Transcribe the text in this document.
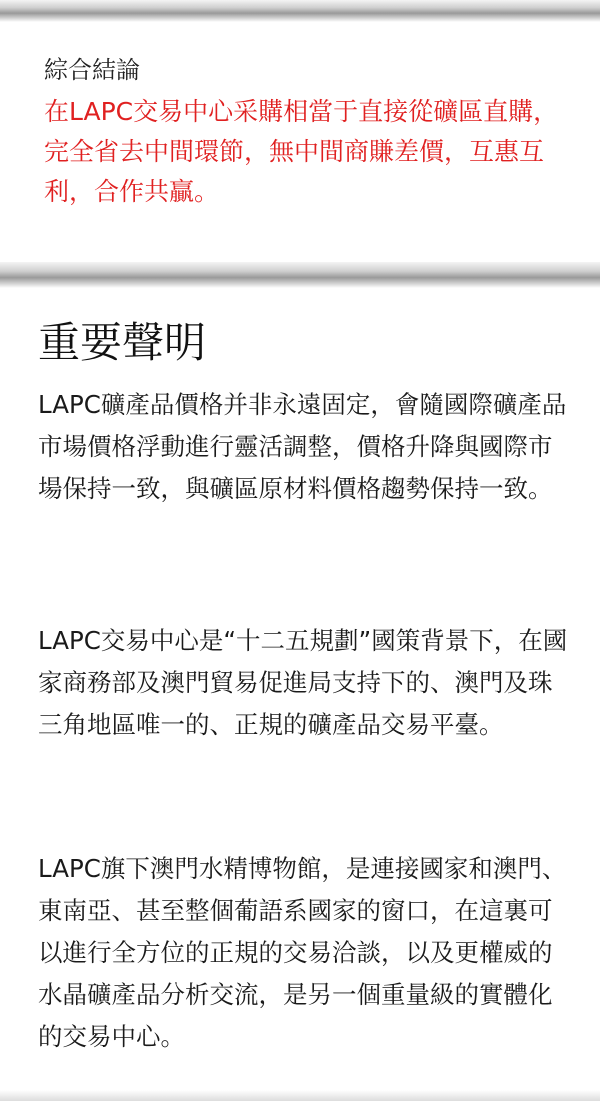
綜合結論
在LAPC交易中心采購相當于直接從礦區直購，完全省去中間環節，無中間商賺差價，互惠互利，合作共贏。
重要聲明
LAPC礦產品價格并非永遠固定，會隨國際礦產品市場價格浮動進行靈活調整，價格升降與國際市場保持一致，與礦區原材料價格趨勢保持一致。
LAPC交易中心是“十二五規劃”國策背景下，在國家商務部及澳門貿易促進局支持下的、澳門及珠三角地區唯一的、正規的礦產品交易平臺。
LAPC旗下澳門水精博物館，是連接國家和澳門、東南亞、甚至整個葡語系國家的窗口，在這裏可以進行全方位的正規的交易洽談，以及更權威的水晶礦產品分析交流，是另一個重量級的實體化的交易中心。
